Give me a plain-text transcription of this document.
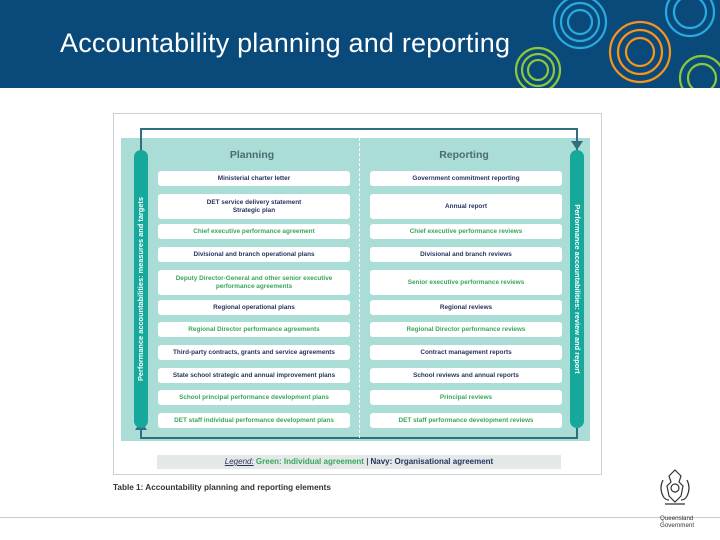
Accountability planning and reporting
Performance accountabilities: measures and targets	Performance accountabilities: review and report
Planning	Reporting
Ministerial charter letter
DET service delivery statement
Strategic plan
Chief executive performance agreement
Divisional and branch operational plans
Deputy Director-General and other senior executive performance agreements
Regional operational plans
Regional Director performance agreements
Third-party contracts, grants and service agreements
State school strategic and annual improvement plans
School principal performance development plans
DET staff individual performance development plans
Government commitment reporting
Annual report
Chief executive performance reviews
Divisional and branch reviews
Senior executive performance reviews
Regional reviews
Regional Director performance reviews
Contract management reports
School reviews and annual reports
Principal reviews
DET staff performance development reviews
Legend: Green: Individual agreement | Navy: Organisational agreement
Table 1: Accountability planning and reporting elements
Queensland Government
